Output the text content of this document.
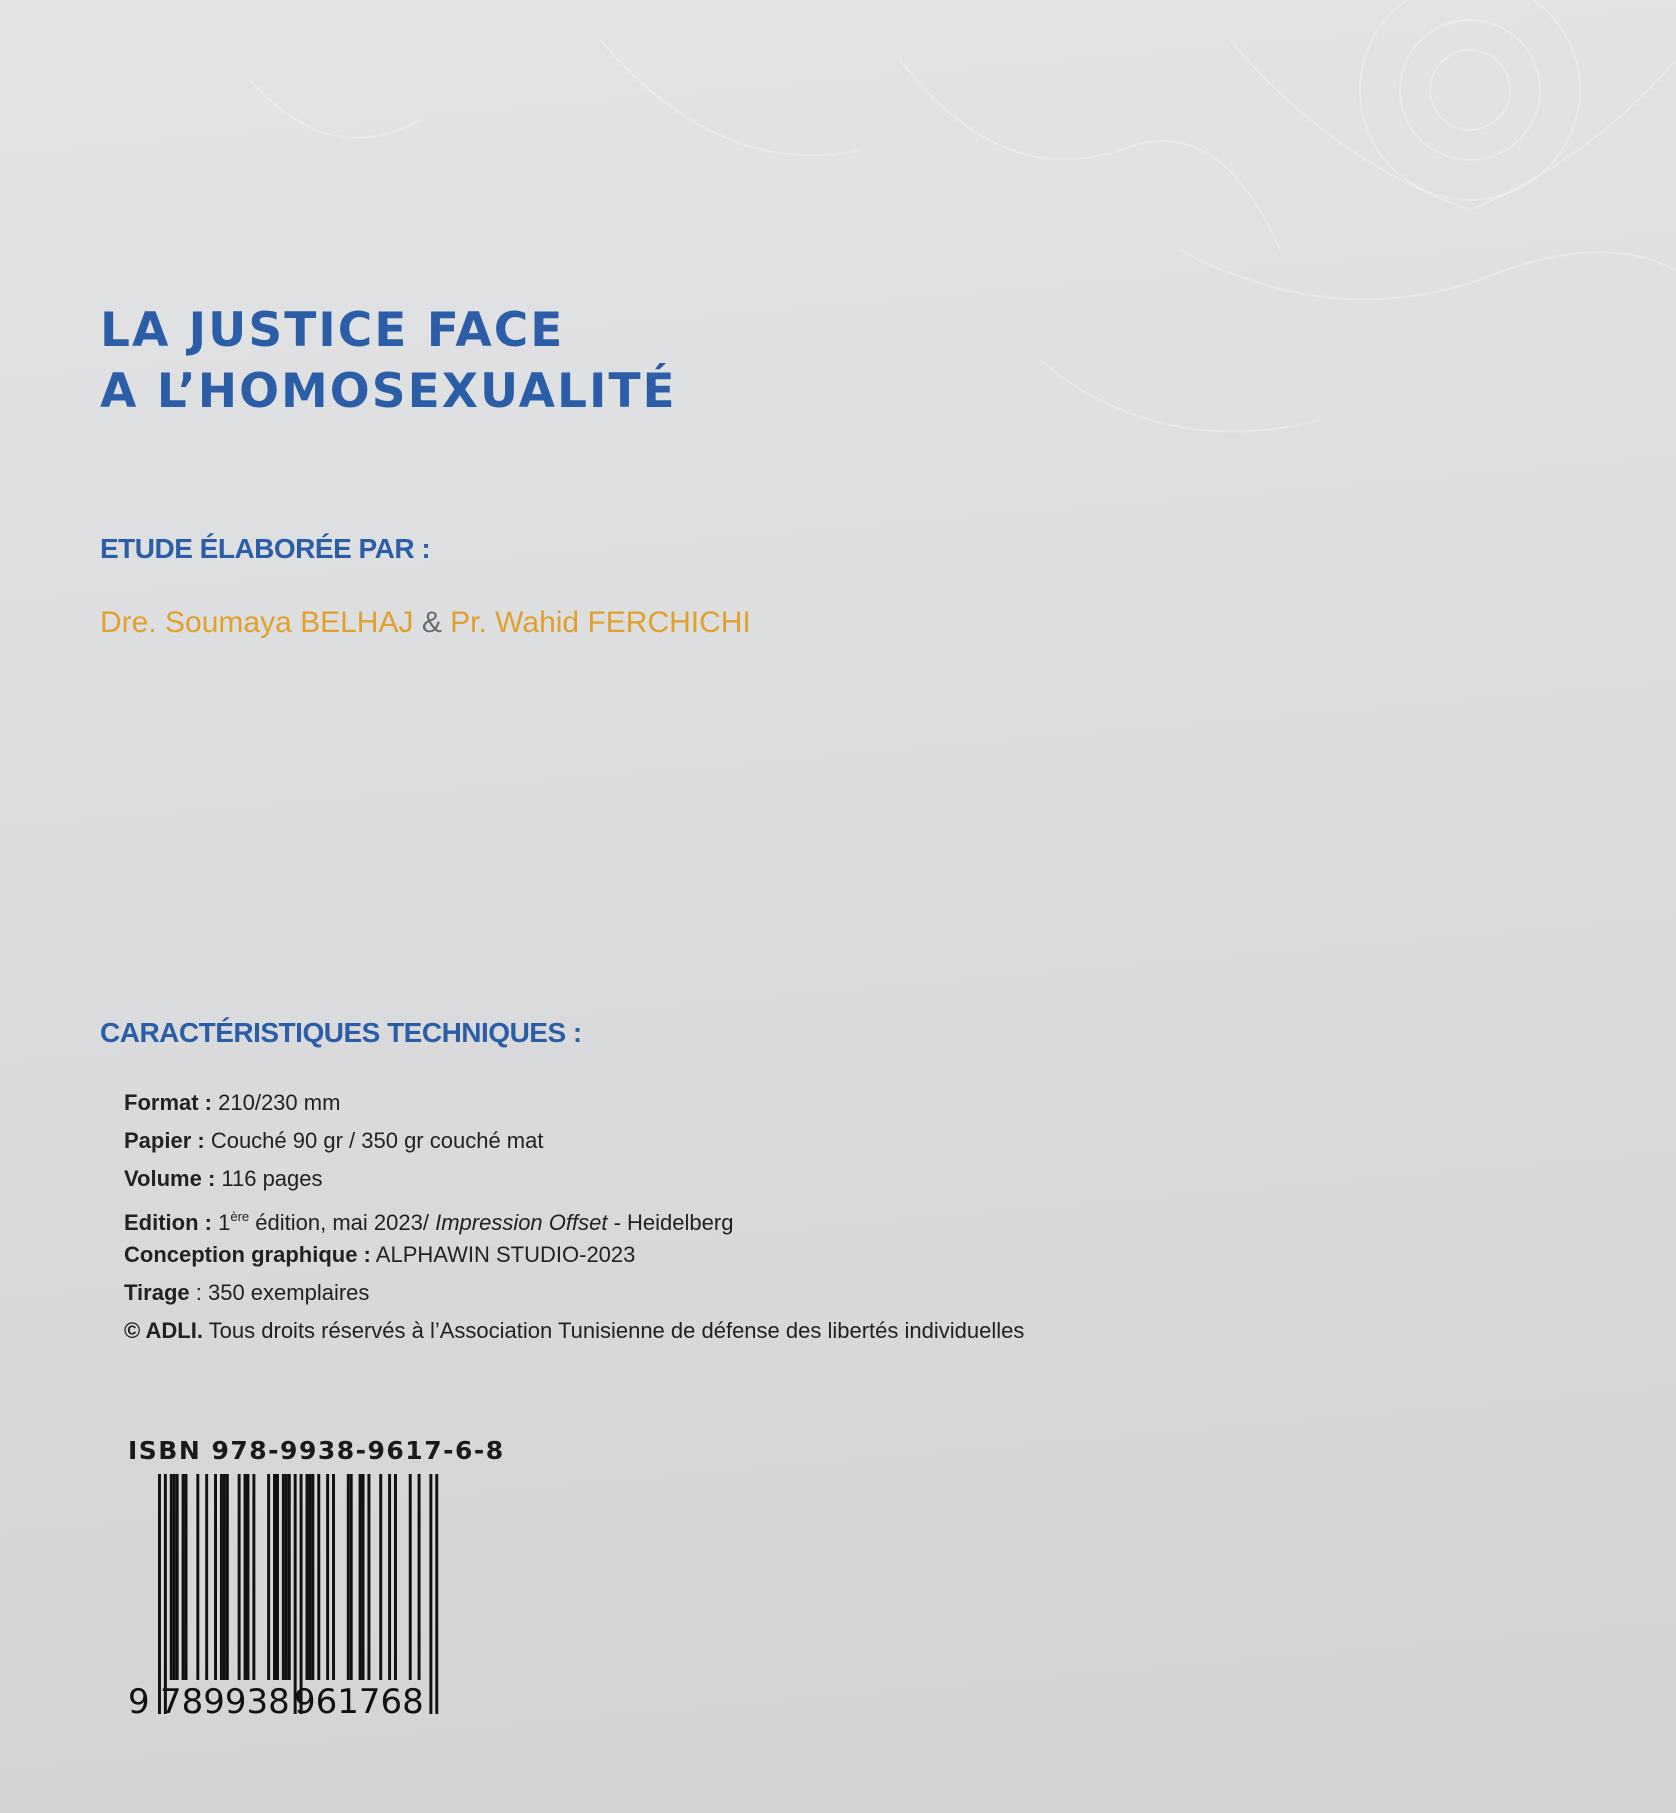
LA JUSTICE FACE
A L’HOMOSEXUALITÉ
ETUDE ÉLABORÉE PAR :
Dre. Soumaya BELHAJ & Pr. Wahid FERCHICHI
CARACTÉRISTIQUES TECHNIQUES :
Format : 210/230 mm
Papier : Couché 90 gr / 350 gr couché mat
Volume : 116 pages
Edition : 1ère édition, mai 2023/ Impression Offset - Heidelberg
Conception graphique : ALPHAWIN STUDIO-2023
Tirage : 350 exemplaires
© ADLI. Tous droits réservés à l’Association Tunisienne de défense des libertés individuelles
ISBN 978-9938-9617-6-8
9 789938 961768
